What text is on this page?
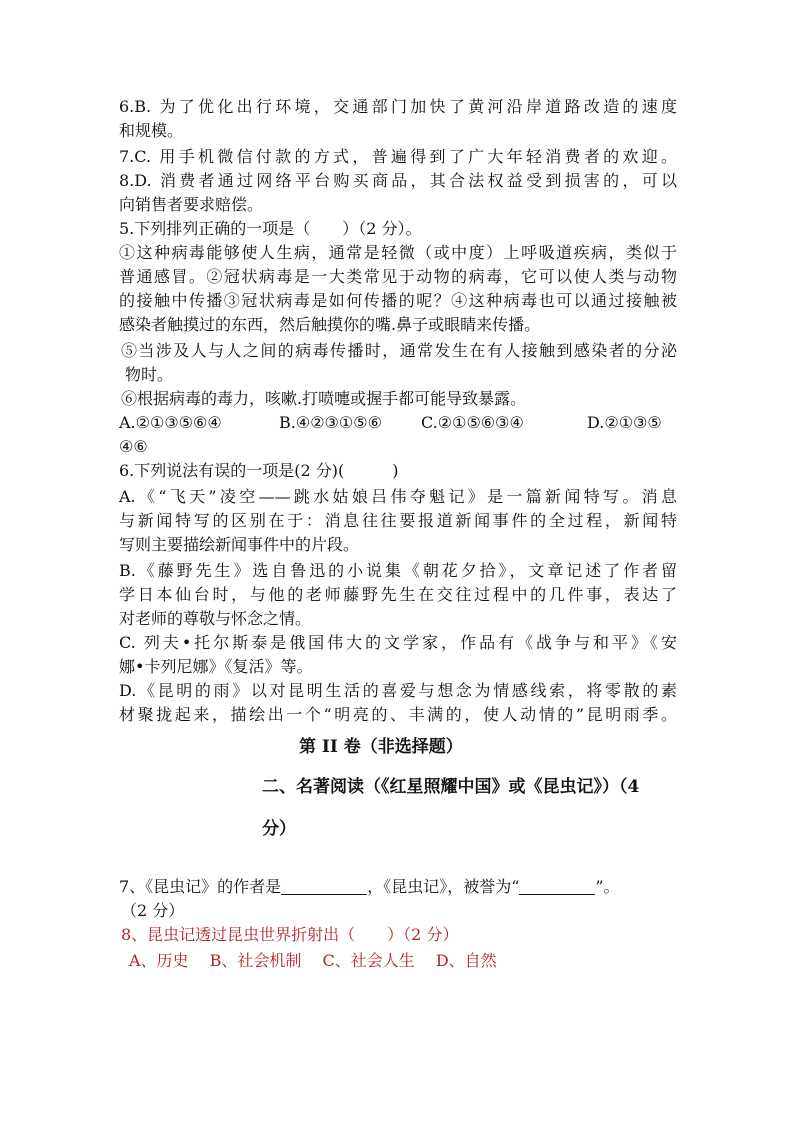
6.B. 为了优化出行环境，交通部门加快了黄河沿岸道路改造的速度
和规模。
7.C. 用手机微信付款的方式，普遍得到了广大年轻消费者的欢迎。
8.D. 消费者通过网络平台购买商品，其合法权益受到损害的，可以
向销售者要求赔偿。
5.下列排列正确的一项是（　　）（2 分）。
①这种病毒能够使人生病，通常是轻微（或中度）上呼吸道疾病，类似于
普通感冒。②冠状病毒是一大类常见于动物的病毒，它可以使人类与动物
的接触中传播③冠状病毒是如何传播的呢？④这种病毒也可以通过接触被
感染者触摸过的东西，然后触摸你的嘴.鼻子或眼睛来传播。
⑤当涉及人与人之间的病毒传播时，通常发生在有人接触到感染者的分泌
物时。
⑥根据病毒的毒力，咳嗽.打喷嚏或握手都可能导致暴露。
A.②①③⑤⑥④	B.④②③①⑤⑥ C.②①⑤⑥③④	D.②①③⑤
④⑥
6.下列说法有误的一项是(2 分)(　　　)
A.《“飞天”凌空——跳水姑娘吕伟夺魁记》是一篇新闻特写。消息
与新闻特写的区别在于：消息往往要报道新闻事件的全过程，新闻特
写则主要描绘新闻事件中的片段。
B.《藤野先生》选自鲁迅的小说集《朝花夕拾》，文章记述了作者留
学日本仙台时，与他的老师藤野先生在交往过程中的几件事，表达了
对老师的尊敬与怀念之情。
C. 列夫•托尔斯泰是俄国伟大的文学家，作品有《战争与和平》《安
娜•卡列尼娜》《复活》等。
D.《昆明的雨》以对昆明生活的喜爱与想念为情感线索，将零散的素
材聚拢起来，描绘出一个“明亮的、丰满的，使人动情的”昆明雨季。
第 II 卷（非选择题）
二、名著阅读（《红星照耀中国》或《昆虫记》）（4
分）
7、《昆虫记》的作者是	，《昆虫记》，被誉为“	”。
（2 分）
8、昆虫记透过昆虫世界折射出（　　）（2 分）
A、历史　 B、社会机制　 C、社会人生　 D、自然
